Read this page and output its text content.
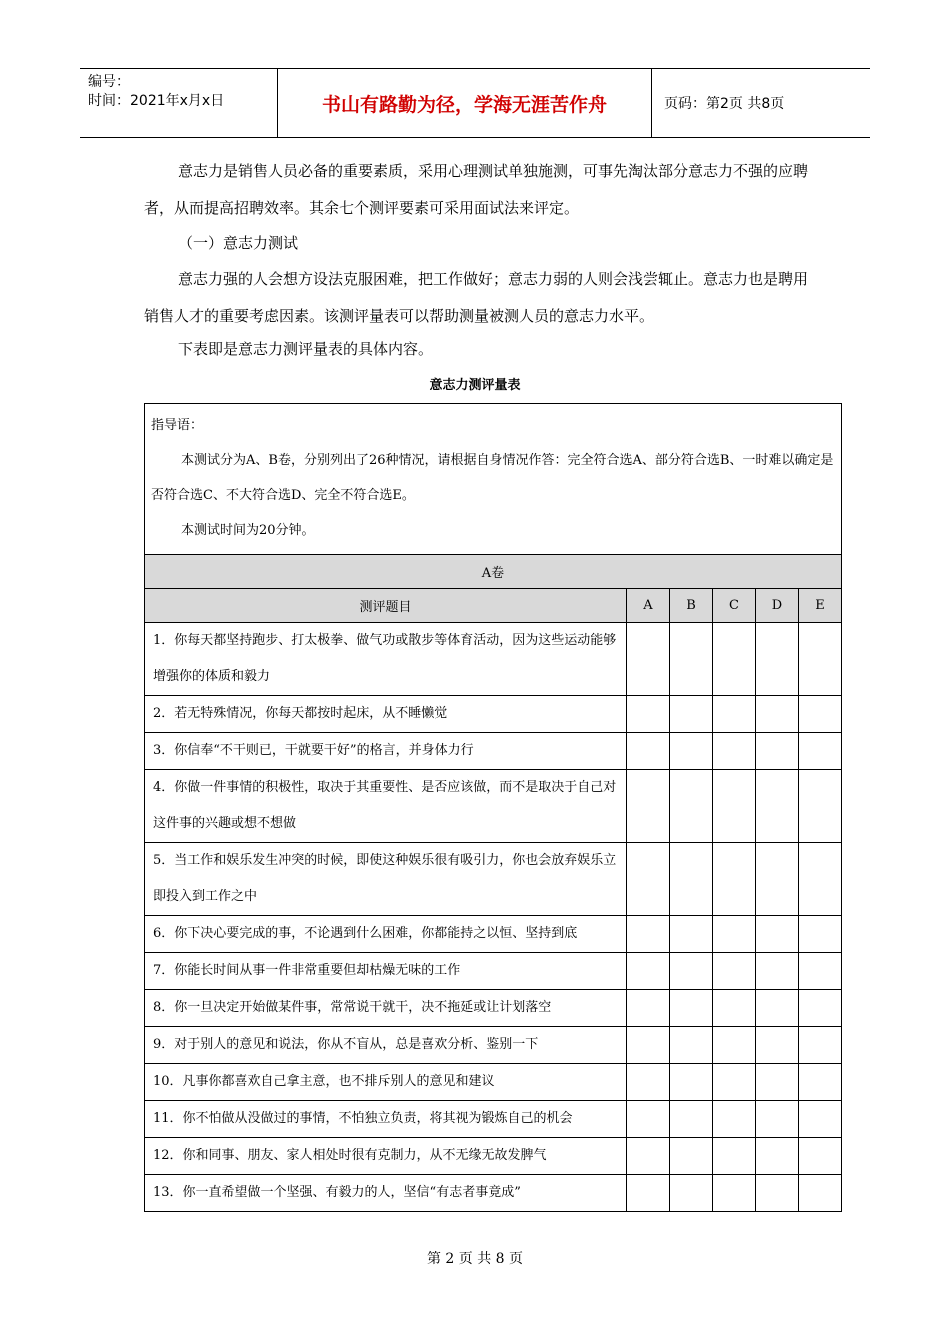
编号：
时间：2021年x月x日	书山有路勤为径，学海无涯苦作舟	页码：第2页 共8页

意志力是销售人员必备的重要素质，采用心理测试单独施测，可事先淘汰部分意志力不强的应聘者，从而提高招聘效率。其余七个测评要素可采用面试法来评定。

（一）意志力测试

意志力强的人会想方设法克服困难，把工作做好；意志力弱的人则会浅尝辄止。意志力也是聘用销售人才的重要考虑因素。该测评量表可以帮助测量被测人员的意志力水平。

下表即是意志力测评量表的具体内容。

意志力测评量表
指导语：
本测试分为A、B卷，分别列出了26种情况，请根据自身情况作答：完全符合选A、部分符合选B、一时难以确定是否符合选C、不大符合选D、完全不符合选E。
本测试时间为20分钟。					

A卷					
测评题目	A	B	C	D	E
1．你每天都坚持跑步、打太极拳、做气功或散步等体育活动，因为这些运动能够增强你的体质和毅力					
2．若无特殊情况，你每天都按时起床，从不睡懒觉					
3．你信奉“不干则已，干就要干好”的格言，并身体力行					
4．你做一件事情的积极性，取决于其重要性、是否应该做，而不是取决于自己对这件事的兴趣或想不想做					
5．当工作和娱乐发生冲突的时候，即使这种娱乐很有吸引力，你也会放弃娱乐立即投入到工作之中					
6．你下决心要完成的事，不论遇到什么困难，你都能持之以恒、坚持到底					
7．你能长时间从事一件非常重要但却枯燥无味的工作					
8．你一旦决定开始做某件事，常常说干就干，决不拖延或让计划落空					
9．对于别人的意见和说法，你从不盲从，总是喜欢分析、鉴别一下					
10．凡事你都喜欢自己拿主意，也不排斥别人的意见和建议					
11．你不怕做从没做过的事情，不怕独立负责，将其视为锻炼自己的机会					
12．你和同事、朋友、家人相处时很有克制力，从不无缘无故发脾气					
13．你一直希望做一个坚强、有毅力的人，坚信“有志者事竟成”					
第 2 页 共 8 页
